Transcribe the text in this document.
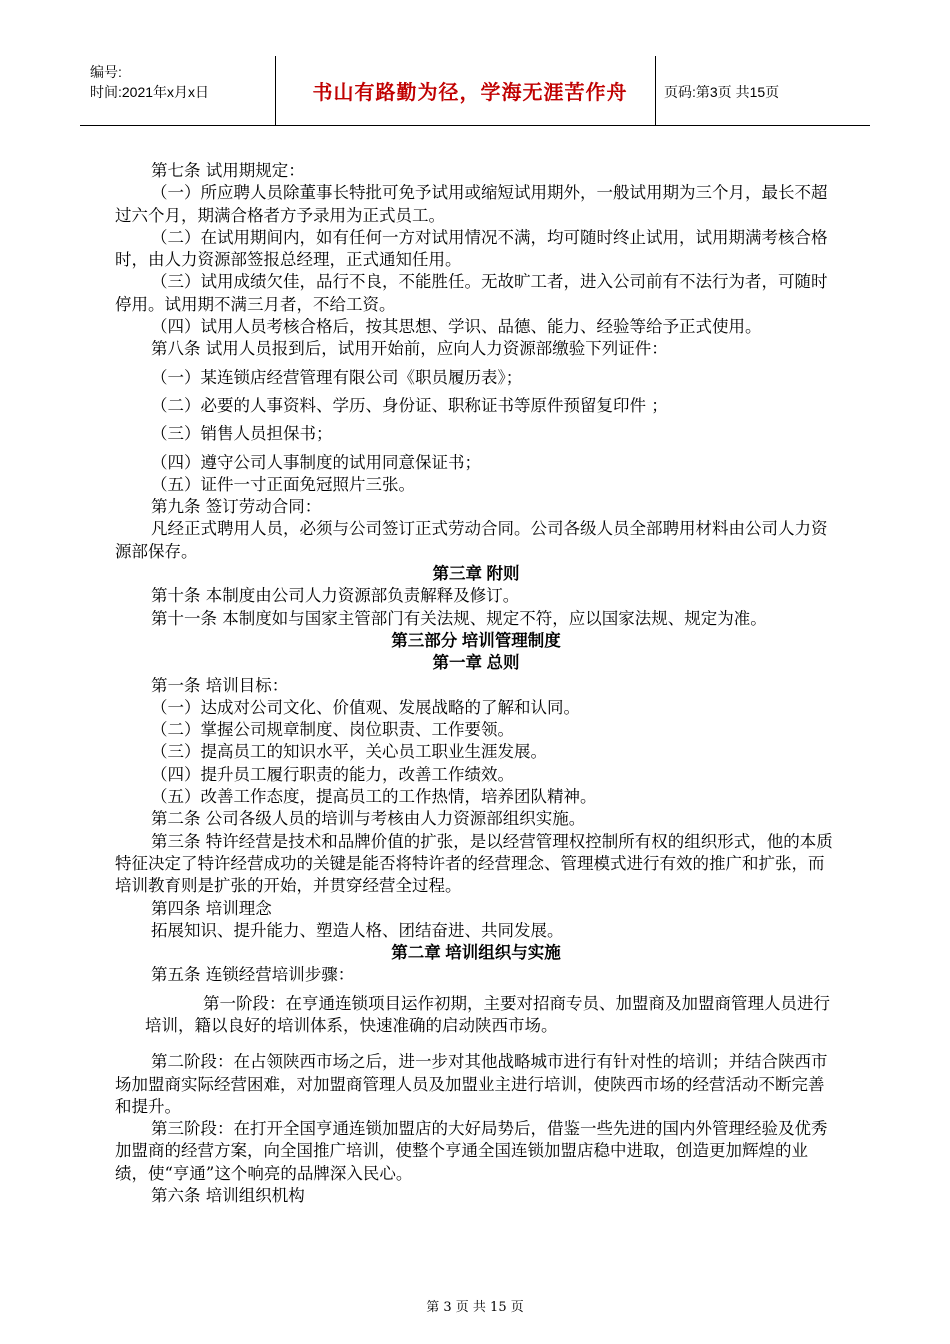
编号:
时间:2021年x月x日	书山有路勤为径，学海无涯苦作舟	页码:第3页 共15页

第七条 试用期规定：

（一）所应聘人员除董事长特批可免予试用或缩短试用期外，一般试用期为三个月，最长不超过六个月，期满合格者方予录用为正式员工。

（二）在试用期间内，如有任何一方对试用情况不满，均可随时终止试用，试用期满考核合格时，由人力资源部签报总经理，正式通知任用。

（三）试用成绩欠佳，品行不良，不能胜任。无故旷工者，进入公司前有不法行为者，可随时停用。试用期不满三月者，不给工资。

（四）试用人员考核合格后，按其思想、学识、品德、能力、经验等给予正式使用。

第八条 试用人员报到后，试用开始前，应向人力资源部缴验下列证件：

（一）某连锁店经营管理有限公司《职员履历表》；

（二）必要的人事资料、学历、身份证、职称证书等原件预留复印件 ；

（三）销售人员担保书；

（四）遵守公司人事制度的试用同意保证书；

（五）证件一寸正面免冠照片三张。

第九条 签订劳动合同：

凡经正式聘用人员，必须与公司签订正式劳动合同。公司各级人员全部聘用材料由公司人力资源部保存。

第三章 附则

第十条 本制度由公司人力资源部负责解释及修订。

第十一条 本制度如与国家主管部门有关法规、规定不符，应以国家法规、规定为准。

第三部分 培训管理制度

第一章 总则

第一条 培训目标：

（一）达成对公司文化、价值观、发展战略的了解和认同。

（二）掌握公司规章制度、岗位职责、工作要领。

（三）提高员工的知识水平，关心员工职业生涯发展。

（四）提升员工履行职责的能力，改善工作绩效。

（五）改善工作态度，提高员工的工作热情，培养团队精神。

第二条 公司各级人员的培训与考核由人力资源部组织实施。

第三条 特许经营是技术和品牌价值的扩张，是以经营管理权控制所有权的组织形式，他的本质特征决定了特许经营成功的关键是能否将特许者的经营理念、管理模式进行有效的推广和扩张，而培训教育则是扩张的开始，并贯穿经营全过程。

第四条 培训理念

拓展知识、提升能力、塑造人格、团结奋进、共同发展。

第二章 培训组织与实施

第五条 连锁经营培训步骤：

第一阶段：在亨通连锁项目运作初期，主要对招商专员、加盟商及加盟商管理人员进行培训，籍以良好的培训体系，快速准确的启动陕西市场。

第二阶段：在占领陕西市场之后，进一步对其他战略城市进行有针对性的培训；并结合陕西市场加盟商实际经营困难，对加盟商管理人员及加盟业主进行培训，使陕西市场的经营活动不断完善和提升。

第三阶段：在打开全国亨通连锁加盟店的大好局势后，借鉴一些先进的国内外管理经验及优秀加盟商的经营方案，向全国推广培训，使整个亨通全国连锁加盟店稳中进取，创造更加辉煌的业绩，使“亨通”这个响亮的品牌深入民心。

第六条 培训组织机构

第 3 页 共 15 页
